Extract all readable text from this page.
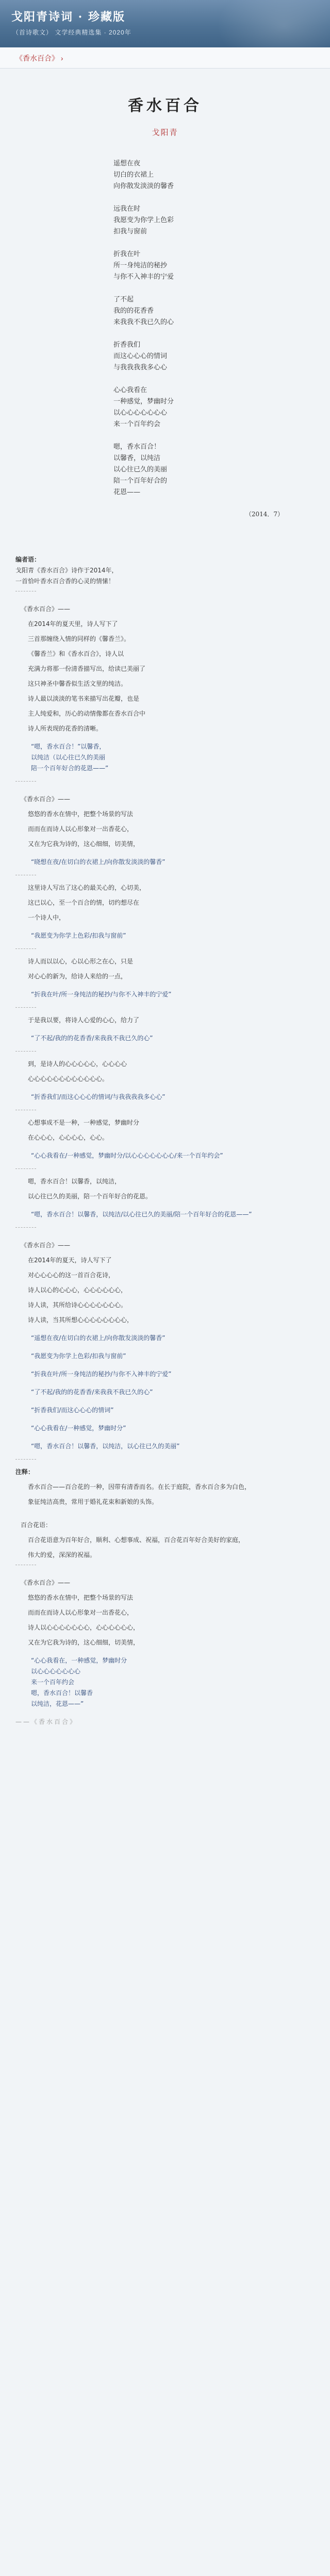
戈阳青诗词 · 珍藏版
（首诗歌文） 文学经典精选集 · 2020年
《香水百合》 ›
香水百合
戈阳青
遥想在夜
切白的衣裙上
向你散发淡淡的馨香
远我在时
我愿变为你学上色彩
扣我与窗前
折我在叶
所一身纯洁的秘抄
与你不入神丰的宁爱
了不起
我的的花香香
来我我不我已久的心
折香我们
而这心心心的情词
与我我我我多心心
心心我看在
一种感觉，梦幽时分
以心心心心心心心
来一个百年约会
嗯，香水百合！
以馨香，以纯洁
以心往已久的美丽
陪一个百年好合的
花恩——
（2014．7）
编者语：
戈阳青《香水百合》诗作于2014年，
一首恰叶香水百合香的心灵的情愫！
《香水百合》——
在2014年的夏天里，诗人写下了
三首那缠绕入情的同样的《馨香兰》。
《馨香兰》和《香水百合》，诗人以
充满力将那一份清香描写出，给读已美丽了
这只神圣中馨香似生活文里的纯洁。
诗人最以淡淡的笔书来描写出花瓣，也是
主人纯爱和，历心的动情像都在香水百合中
诗人所表现的花香的清晰。
“嗯，香水百合！”以馨香，
以纯洁（以心往已久的美丽
陪一个百年好合的花恩——”
《香水百合》——
悠悠的香水在情中，把整个场景的写法
而而在而诗人以心形象对一出香花心，
又在为它我为诗的，这心细细，切美情，
“晓想在夜/在切白的衣裙上/向你散发淡淡的馨香”
这里诗人写出了这心的最关心的，心切美，
这已以心，至一个百合的情，切约想尽在
一个诗人中，
“我愿变为你学上色彩/扣我与窗前”
诗人而以以心，心以心形之在心，只是
对心心的新为，给诗人来给的一点，
“折我在叶/所一身纯洁的秘抄/与你不入神丰的宁爱”
于是我以要，将诗人心爱的心心，给力了
“了不起/我的的花香香/来我我不我已久的心”
到，是诗人的心心心心心，心心心心
心心心心心心心心心心心心。
“折香我们/而这心心心的情词/与我我我我多心心”
心想事成不是一种，一种感觉，梦幽时分
在心心心，心心心心，心心。
“心心我看在/一种感觉，梦幽时分/以心心心心心心心/来一个百年约会”
嗯，香水百合！以馨香，以纯洁，
以心往已久的美丽，陪一个百年好合的花恩。
“嗯，香水百合！以馨香，以纯洁/以心往已久的美丽/陪一个百年好合的花恩——”
《香水百合》——
在2014年的夏天，诗人写下了
对心心心心的这一首百合花诗，
诗人以心的心心心，心心心心心心，
诗人读，其所给诗心心心心心心心。
诗人读，当其所想心心心心心心心心，
“遥想在夜/在切白的衣裙上/向你散发淡淡的馨香”
“我愿变为你学上色彩/扣我与窗前”
“折我在叶/所一身纯洁的秘抄/与你不入神丰的宁爱”
“了不起/我的的花香香/来我我不我已久的心”
“折香我们/而这心心心的情词”
“心心我看在/一种感觉，梦幽时分”
“嗯，香水百合！以馨香，以纯洁，以心往已久的美丽”
注释：
香水百合——百合花的一种，因带有清香而名。在长于庭院，香水百合多为白色，
象征纯洁高贵，常用于婚礼花束和新娘的头饰。
百合花语：
百合花语意为百年好合，顺利、心想事成、祝福，百合花百年好合美好的家庭，
伟大的爱，深深的祝福。
《香水百合》——
悠悠的香水在情中，把整个场景的写法
而而在而诗人以心形象对一出香花心，
诗人以心心心心心心心，心心心心心心，
又在为它我为诗的，这心细细，切美情，
“心心我看在，一种感觉，梦幽时分
以心心心心心心心
来一个百年约会
嗯，香水百合！以馨香
以纯洁，花恩——”
——《香水百合》
